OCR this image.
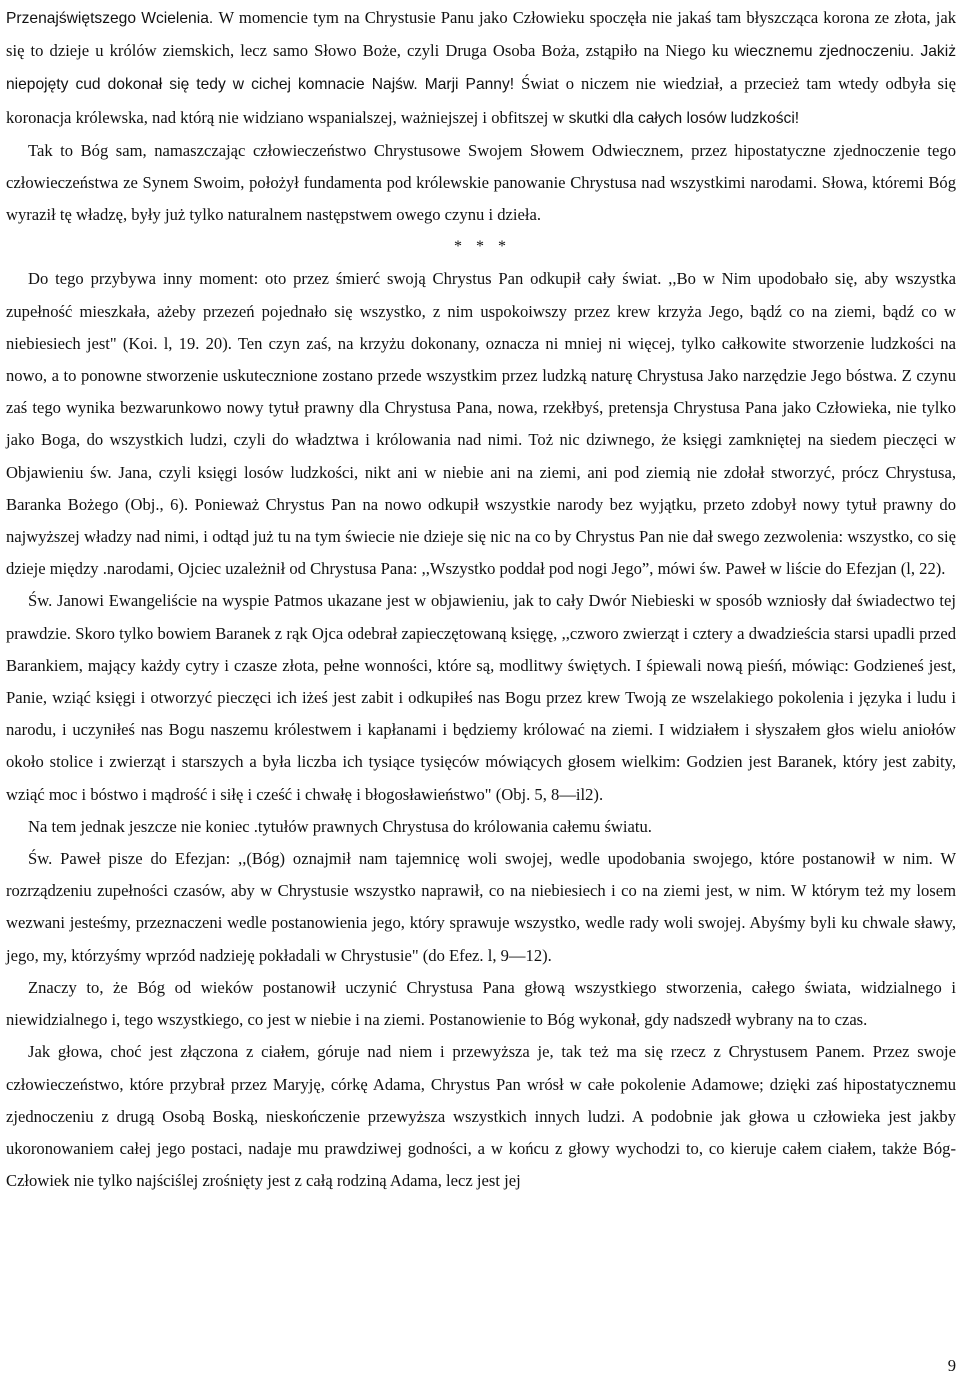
Przenajświętszego Wcielenia. W momencie tym na Chrystusie Panu jako Człowieku spoczęła nie jakaś tam błyszcząca korona ze złota, jak się to dzieje u królów ziemskich, lecz samo Słowo Boże, czyli Druga Osoba Boża, zstąpiło na Niego ku wiecznemu zjednoczeniu. Jakiż niepojęty cud dokonał się tedy w cichej komnacie Najśw. Marji Panny! Świat o niczem nie wiedział, a przecież tam wtedy odbyła się koronacja królewska, nad którą nie widziano wspanialszej, ważniejszej i obfitszej w skutki dla całych losów ludzkości!

Tak to Bóg sam, namaszczając człowieczeństwo Chrystusowe Swojem Słowem Odwiecznem, przez hipostatyczne zjednoczenie tego człowieczeństwa ze Synem Swoim, położył fundamenta pod królewskie panowanie Chrystusa nad wszystkimi narodami. Słowa, któremi Bóg wyraził tę władzę, były już tylko naturalnem następstwem owego czynu i dzieła.

* * *

Do tego przybywa inny moment: oto przez śmierć swoją Chrystus Pan odkupił cały świat. ,,Bo w Nim upodobało się, aby wszystka zupełność mieszkała, ażeby przezeń pojednało się wszystko, z nim uspokoiwszy przez krew krzyża Jego, bądź co na ziemi, bądź co w niebiesiech jest" (Koi. l, 19. 20). Ten czyn zaś, na krzyżu dokonany, oznacza ni mniej ni więcej, tylko całkowite stworzenie ludzkości na nowo, a to ponowne stworzenie uskutecznione zostano przede wszystkim przez ludzką naturę Chrystusa Jako narzędzie Jego bóstwa. Z czynu zaś tego wynika bezwarunkowo nowy tytuł prawny dla Chrystusa Pana, nowa, rzekłbyś, pretensja Chrystusa Pana jako Człowieka, nie tylko jako Boga, do wszystkich ludzi, czyli do władztwa i królowania nad nimi. Toż nic dziwnego, że księgi zamkniętej na siedem pieczęci w Objawieniu św. Jana, czyli księgi losów ludzkości, nikt ani w niebie ani na ziemi, ani pod ziemią nie zdołał stworzyć, prócz Chrystusa, Baranka Bożego (Obj., 6). Ponieważ Chrystus Pan na nowo odkupił wszystkie narody bez wyjątku, przeto zdobył nowy tytuł prawny do najwyższej władzy nad nimi, i odtąd już tu na tym świecie nie dzieje się nic na co by Chrystus Pan nie dał swego zezwolenia: wszystko, co się dzieje między .narodami, Ojciec uzależnił od Chrystusa Pana: ,,Wszystko poddał pod nogi Jego”, mówi św. Paweł w liście do Efezjan (l, 22).

Św. Janowi Ewangeliście na wyspie Patmos ukazane jest w objawieniu, jak to cały Dwór Niebieski w sposób wzniosły dał świadectwo tej prawdzie. Skoro tylko bowiem Baranek z rąk Ojca odebrał zapieczętowaną księgę, ,,czworo zwierząt i cztery a dwadzieścia starsi upadli przed Barankiem, mający każdy cytry i czasze złota, pełne wonności, które są, modlitwy świętych. I śpiewali nową pieśń, mówiąc: Godzieneś jest, Panie, wziąć księgi i otworzyć pieczęci ich iżeś jest zabit i odkupiłeś nas Bogu przez krew Twoją ze wszelakiego pokolenia i języka i ludu i narodu, i uczyniłeś nas Bogu naszemu królestwem i kapłanami i będziemy królować na ziemi. I widziałem i słyszałem głos wielu aniołów około stolice i zwierząt i starszych a była liczba ich tysiące tysięców mówiących głosem wielkim: Godzien jest Baranek, który jest zabity, wziąć moc i bóstwo i mądrość i siłę i cześć i chwałę i błogosławieństwo" (Obj. 5, 8—il2).

Na tem jednak jeszcze nie koniec .tytułów prawnych Chrystusa do królowania całemu światu.

Św. Paweł pisze do Efezjan: ,,(Bóg) oznajmił nam tajemnicę woli swojej, wedle upodobania swojego, które postanowił w nim. W rozrządzeniu zupełności czasów, aby w Chrystusie wszystko naprawił, co na niebiesiech i co na ziemi jest, w nim. W którym też my losem wezwani jesteśmy, przeznaczeni wedle postanowienia jego, który sprawuje wszystko, wedle rady woli swojej. Abyśmy byli ku chwale sławy, jego, my, którzyśmy wprzód nadzieję pokładali w Chrystusie" (do Efez. l, 9—12).

Znaczy to, że Bóg od wieków postanowił uczynić Chrystusa Pana głową wszystkiego stworzenia, całego świata, widzialnego i niewidzialnego i, tego wszystkiego, co jest w niebie i na ziemi. Postanowienie to Bóg wykonał, gdy nadszedł wybrany na to czas.

Jak głowa, choć jest złączona z ciałem, góruje nad niem i przewyższa je, tak też ma się rzecz z Chrystusem Panem. Przez swoje człowieczeństwo, które przybrał przez Maryję, córkę Adama, Chrystus Pan wrósł w całe pokolenie Adamowe; dzięki zaś hipostatycznemu zjednoczeniu z drugą Osobą Boską, nieskończenie przewyższa wszystkich innych ludzi. A podobnie jak głowa u człowieka jest jakby ukoronowaniem całej jego postaci, nadaje mu prawdziwej godności, a w końcu z głowy wychodzi to, co kieruje całem ciałem, także Bóg-Człowiek nie tylko najściślej zrośnięty jest z całą rodziną Adama, lecz jest jej

9
